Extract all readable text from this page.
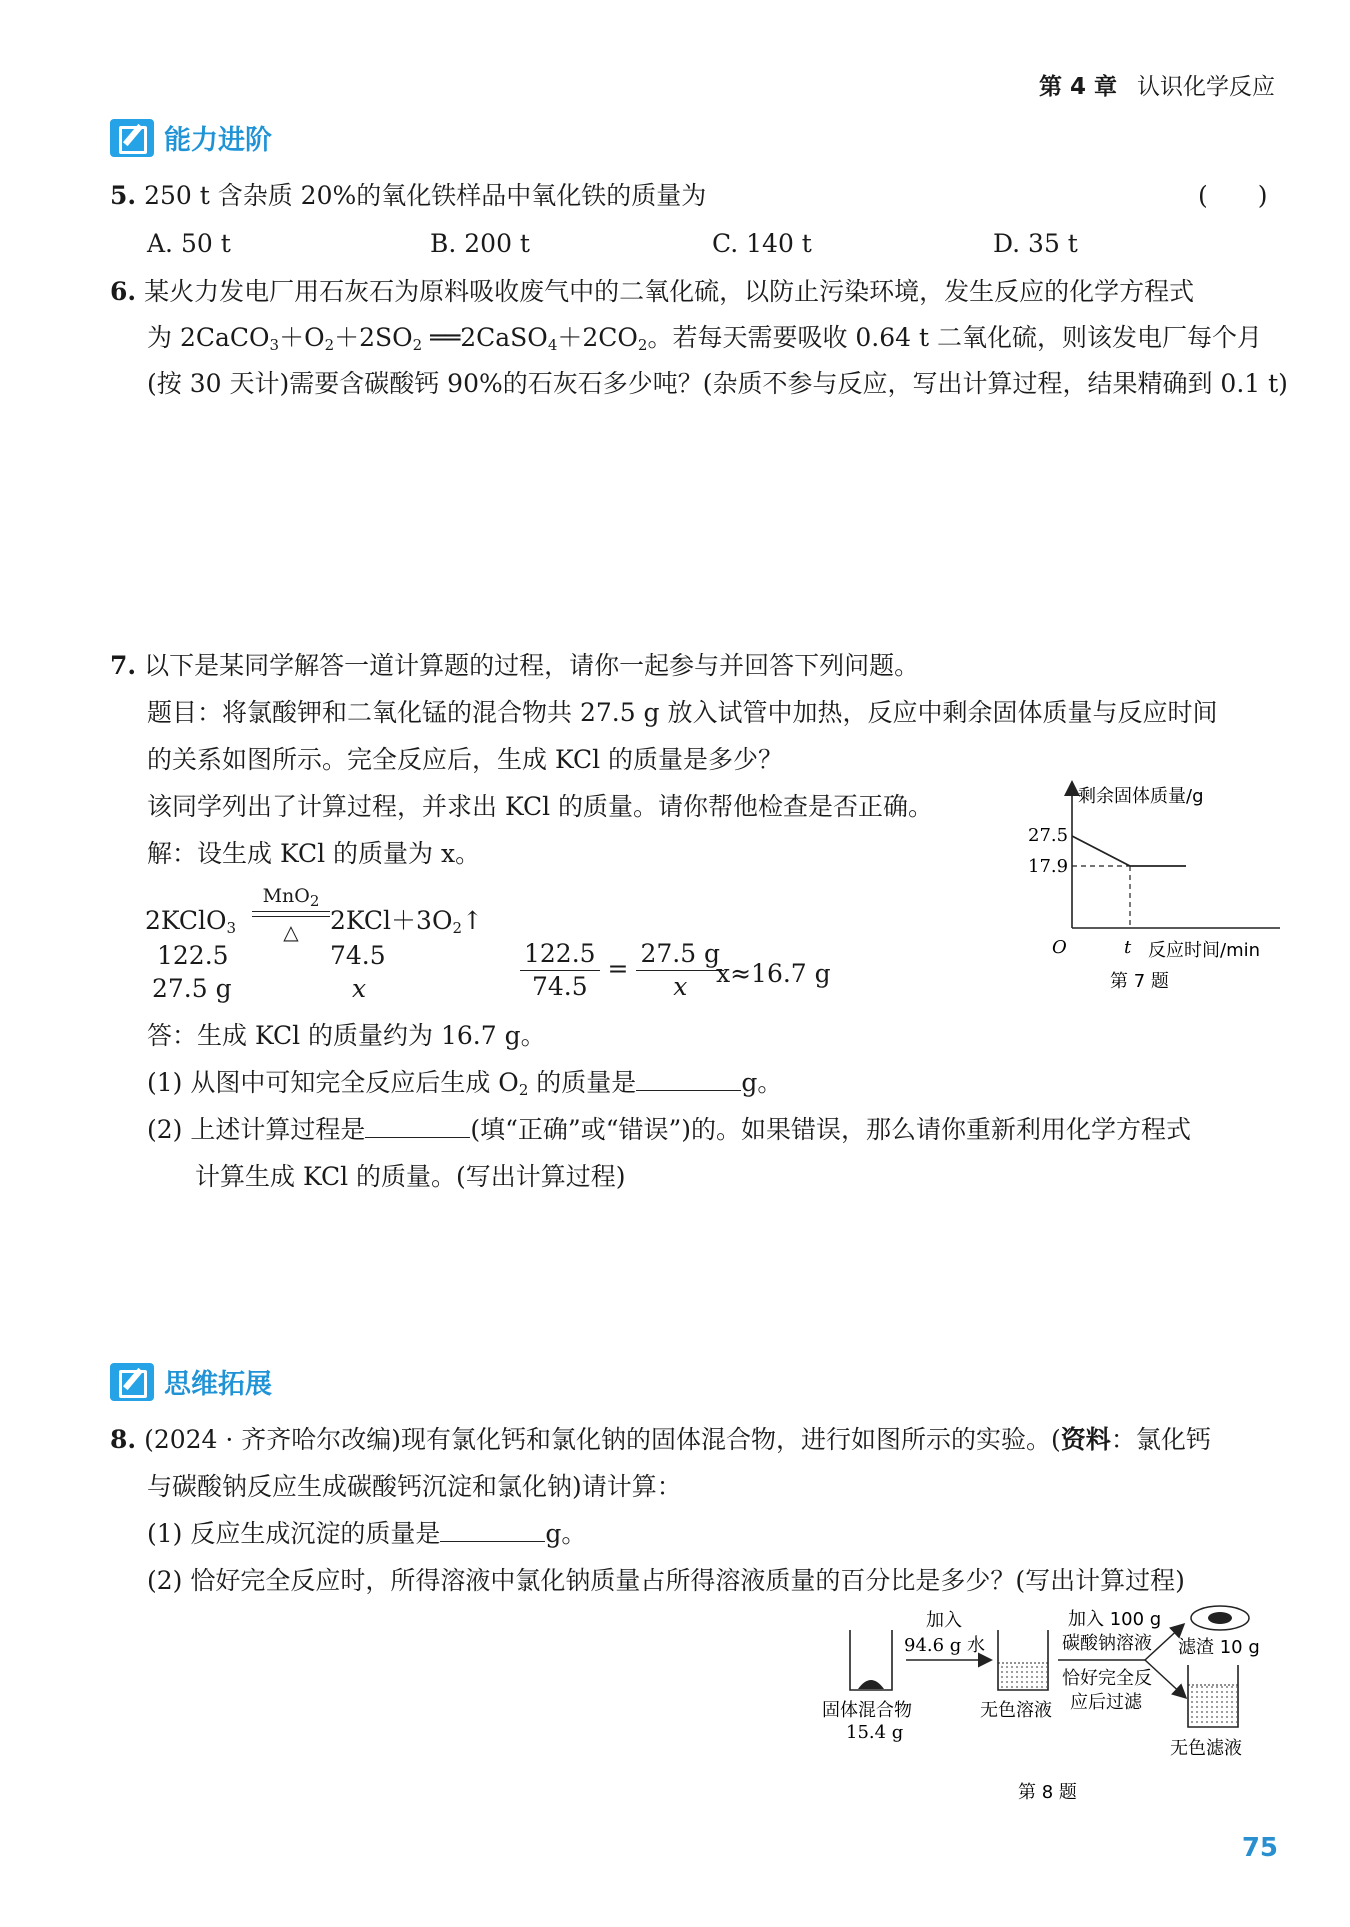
第 4 章 认识化学反应
能力进阶
5. 250 t 含杂质 20%的氧化铁样品中氧化铁的质量为	(　　)
A. 50 t	B. 200 t	C. 140 t	D. 35 t
6. 某火力发电厂用石灰石为原料吸收废气中的二氧化硫，以防止污染环境，发生反应的化学方程式
为 $2CaCO_3+O_2+2SO_2$ $══2CaSO_4+2CO_2$。若每天需要吸收 0.64 t 二氧化硫，则该发电厂每个月
(按 30 天计)需要含碳酸钙 90%的石灰石多少吨？(杂质不参与反应，写出计算过程，结果精确到 0.1 t)
7. 以下是某同学解答一道计算题的过程，请你一起参与并回答下列问题。
题目：将氯酸钾和二氧化锰的混合物共 27.5 g 放入试管中加热，反应中剩余固体质量与反应时间
的关系如图所示。完全反应后，生成 KCl 的质量是多少？
该同学列出了计算过程，并求出 KCl 的质量。请你帮他检查是否正确。
解：设生成 KCl 的质量为 x。
2KClO$_3$
MnO$_2$
△	$2KCl+3O_2↑$
122.5	74.5
27.5 g	x	$\frac{122.5}{74.5} = \frac{27.5 g}{x}$
x≈16.7 g
答：生成 KCl 的质量约为 16.7 g。
(1) 从图中可知完全反应后生成 $O_2$ 的质量是	g。
(2) 上述计算过程是	(填“正确”或“错误”)的。如果错误，那么请你重新利用化学方程式
计算生成 KCl 的质量。(写出计算过程)
剩余固体质量/g
27.5
17.9
O	t 反应时间/min
第 7 题
思维拓展
8. (2024 · 齐齐哈尔改编)现有氯化钙和氯化钠的固体混合物，进行如图所示的实验。(资料：氯化钙
与碳酸钠反应生成碳酸钙沉淀和氯化钠)请计算：
(1) 反应生成沉淀的质量是	g。
(2) 恰好完全反应时，所得溶液中氯化钠质量占所得溶液质量的百分比是多少？(写出计算过程)
固体混合物
15.4 g
加入
94.6 g 水
无色溶液
加入 100 g
碳酸钠溶液
恰好完全反
应后过滤
滤渣 10 g
无色滤液
第 8 题
75
